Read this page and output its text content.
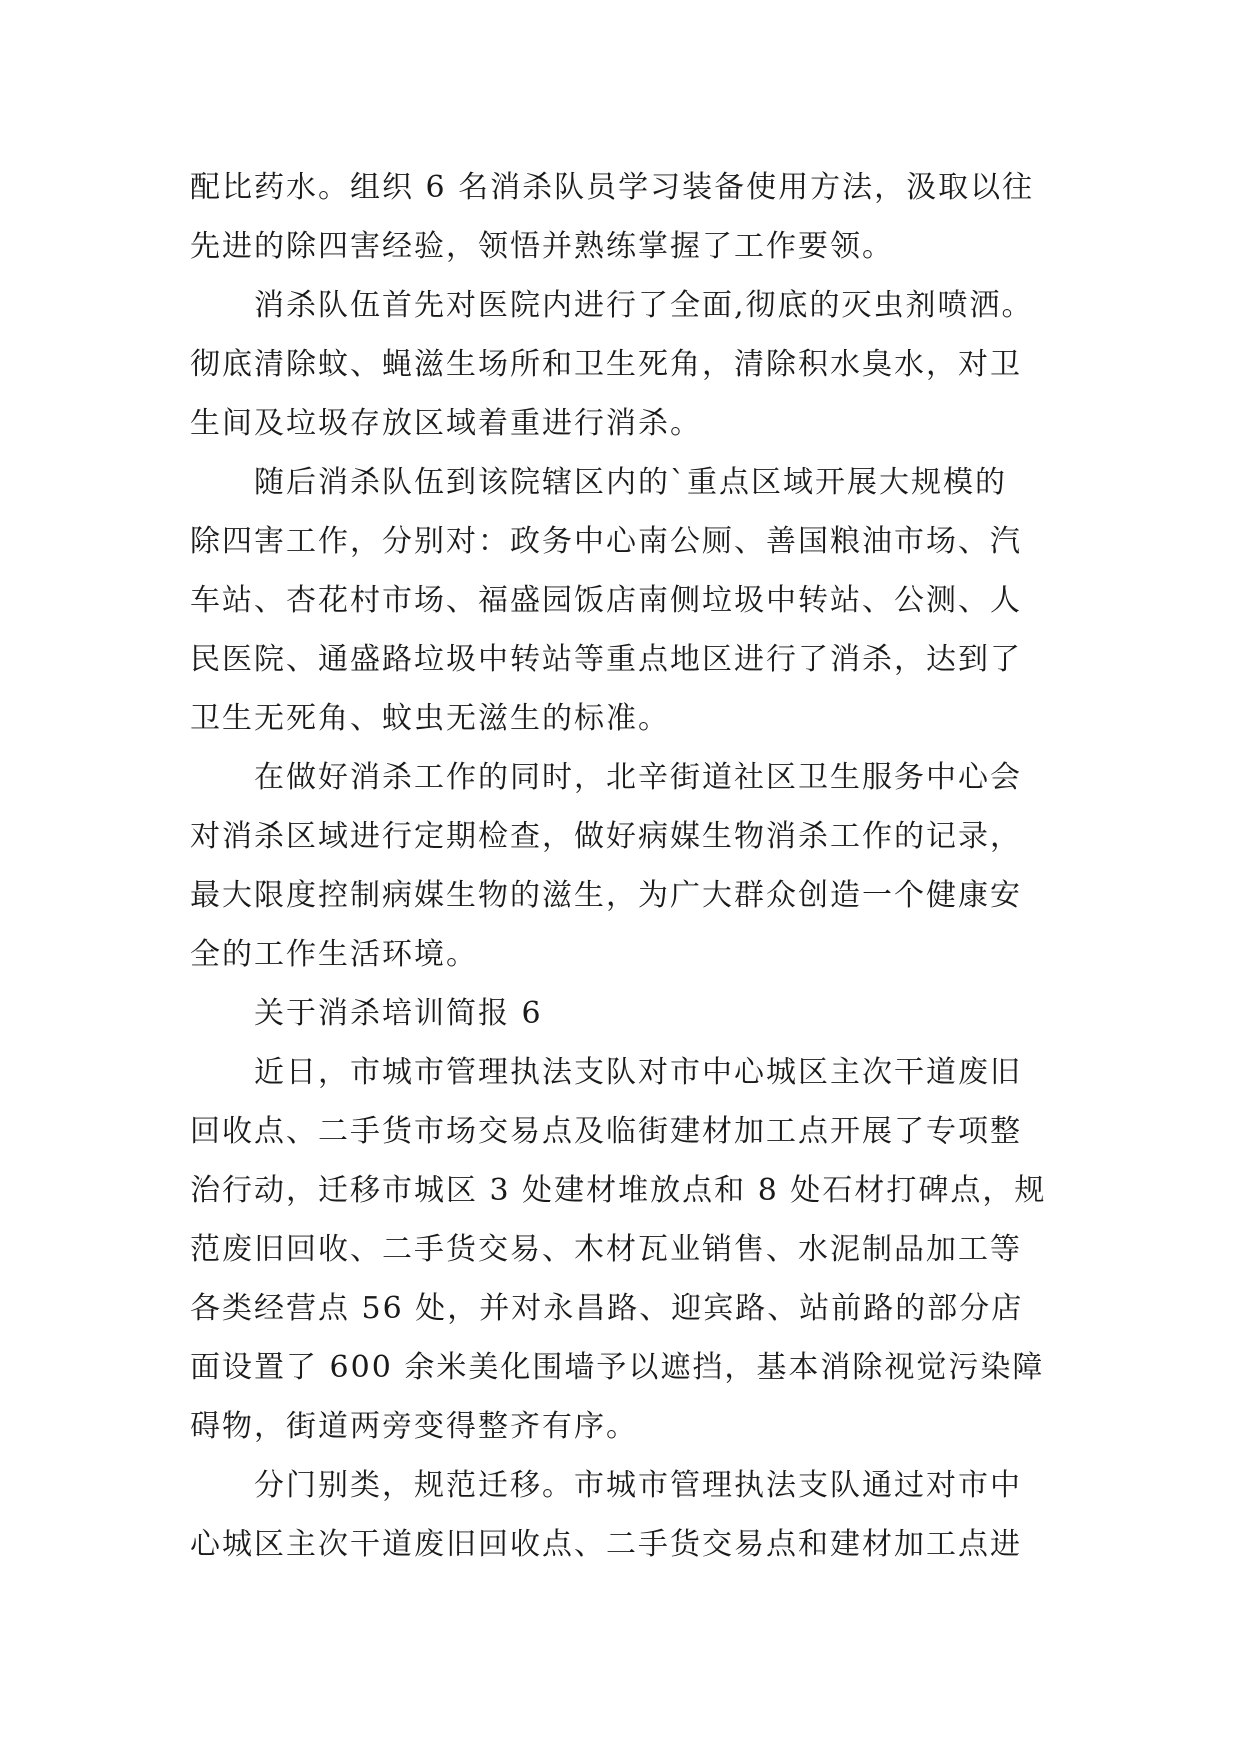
配比药水。组织 6 名消杀队员学习装备使用方法，汲取以往
先进的除四害经验，领悟并熟练掌握了工作要领。
消杀队伍首先对医院内进行了全面,彻底的灭虫剂喷洒。
彻底清除蚊、蝇滋生场所和卫生死角，清除积水臭水，对卫
生间及垃圾存放区域着重进行消杀。
随后消杀队伍到该院辖区内的`重点区域开展大规模的
除四害工作，分别对：政务中心南公厕、善国粮油市场、汽
车站、杏花村市场、福盛园饭店南侧垃圾中转站、公测、人
民医院、通盛路垃圾中转站等重点地区进行了消杀，达到了
卫生无死角、蚊虫无滋生的标准。
在做好消杀工作的同时，北辛街道社区卫生服务中心会
对消杀区域进行定期检查，做好病媒生物消杀工作的记录，
最大限度控制病媒生物的滋生，为广大群众创造一个健康安
全的工作生活环境。
关于消杀培训简报 6
近日，市城市管理执法支队对市中心城区主次干道废旧
回收点、二手货市场交易点及临街建材加工点开展了专项整
治行动，迁移市城区 3 处建材堆放点和 8 处石材打碑点，规
范废旧回收、二手货交易、木材瓦业销售、水泥制品加工等
各类经营点 56 处，并对永昌路、迎宾路、站前路的部分店
面设置了 600 余米美化围墙予以遮挡，基本消除视觉污染障
碍物，街道两旁变得整齐有序。
分门别类，规范迁移。市城市管理执法支队通过对市中
心城区主次干道废旧回收点、二手货交易点和建材加工点进
